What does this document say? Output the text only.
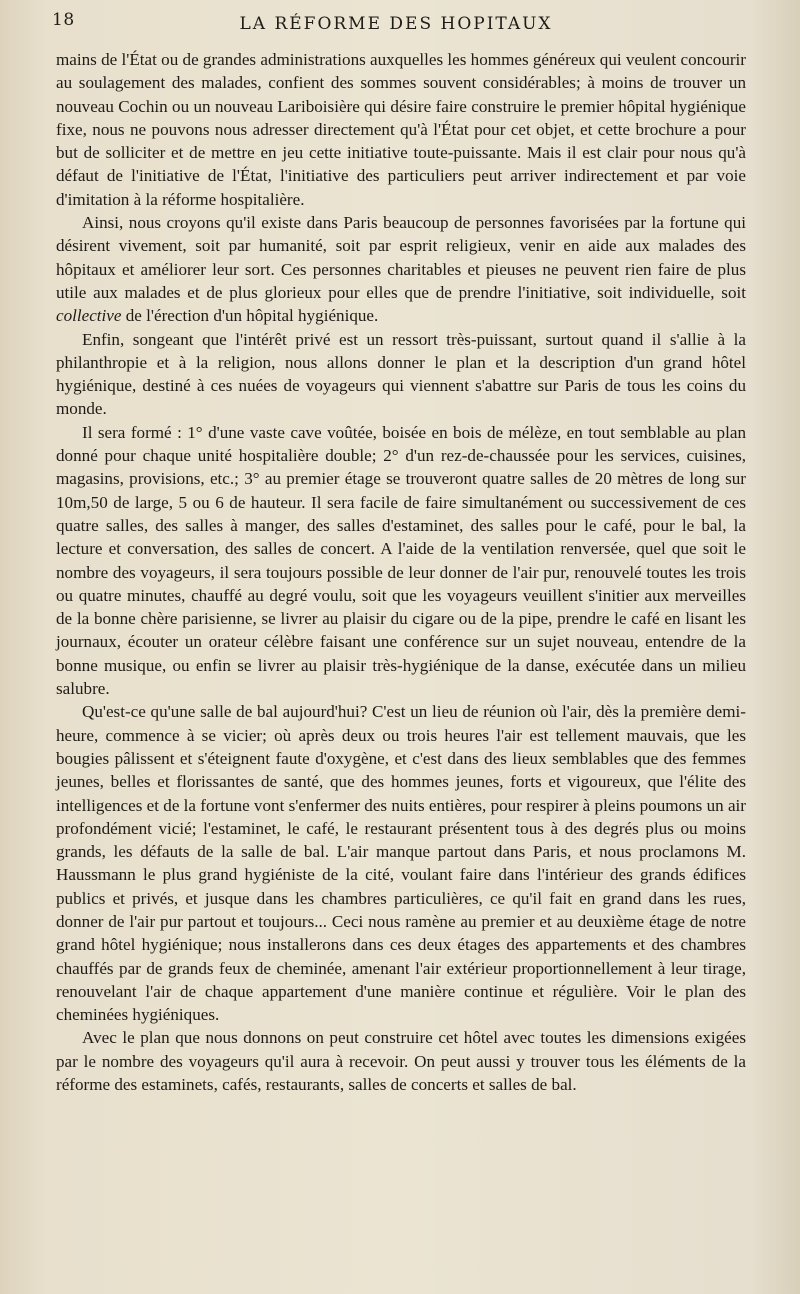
18	LA RÉFORME DES HOPITAUX

mains de l'État ou de grandes administrations auxquelles les hommes généreux qui veulent concourir au soulagement des malades, confient des sommes souvent considérables; à moins de trouver un nouveau Cochin ou un nouveau Lariboisière qui désire faire construire le premier hôpital hygiénique fixe, nous ne pouvons nous adresser directement qu'à l'État pour cet objet, et cette brochure a pour but de solliciter et de mettre en jeu cette initiative toute-puissante. Mais il est clair pour nous qu'à défaut de l'initiative de l'État, l'initiative des particuliers peut arriver indirectement et par voie d'imitation à la réforme hospitalière.

Ainsi, nous croyons qu'il existe dans Paris beaucoup de personnes favorisées par la fortune qui désirent vivement, soit par humanité, soit par esprit religieux, venir en aide aux malades des hôpitaux et améliorer leur sort. Ces personnes charitables et pieuses ne peuvent rien faire de plus utile aux malades et de plus glorieux pour elles que de prendre l'initiative, soit individuelle, soit collective de l'érection d'un hôpital hygiénique.

Enfin, songeant que l'intérêt privé est un ressort très-puissant, surtout quand il s'allie à la philanthropie et à la religion, nous allons donner le plan et la description d'un grand hôtel hygiénique, destiné à ces nuées de voyageurs qui viennent s'abattre sur Paris de tous les coins du monde.

Il sera formé : 1° d'une vaste cave voûtée, boisée en bois de mélèze, en tout semblable au plan donné pour chaque unité hospitalière double; 2° d'un rez-de-chaussée pour les services, cuisines, magasins, provisions, etc.; 3° au premier étage se trouveront quatre salles de 20 mètres de long sur 10m,50 de large, 5 ou 6 de hauteur. Il sera facile de faire simultanément ou successivement de ces quatre salles, des salles à manger, des salles d'estaminet, des salles pour le café, pour le bal, la lecture et conversation, des salles de concert. A l'aide de la ventilation renversée, quel que soit le nombre des voyageurs, il sera toujours possible de leur donner de l'air pur, renouvelé toutes les trois ou quatre minutes, chauffé au degré voulu, soit que les voyageurs veuillent s'initier aux merveilles de la bonne chère parisienne, se livrer au plaisir du cigare ou de la pipe, prendre le café en lisant les journaux, écouter un orateur célèbre faisant une conférence sur un sujet nouveau, entendre de la bonne musique, ou enfin se livrer au plaisir très-hygiénique de la danse, exécutée dans un milieu salubre.

Qu'est-ce qu'une salle de bal aujourd'hui? C'est un lieu de réunion où l'air, dès la première demi-heure, commence à se vicier; où après deux ou trois heures l'air est tellement mauvais, que les bougies pâlissent et s'éteignent faute d'oxygène, et c'est dans des lieux semblables que des femmes jeunes, belles et florissantes de santé, que des hommes jeunes, forts et vigoureux, que l'élite des intelligences et de la fortune vont s'enfermer des nuits entières, pour respirer à pleins poumons un air profondément vicié; l'estaminet, le café, le restaurant présentent tous à des degrés plus ou moins grands, les défauts de la salle de bal. L'air manque partout dans Paris, et nous proclamons M. Haussmann le plus grand hygiéniste de la cité, voulant faire dans l'intérieur des grands édifices publics et privés, et jusque dans les chambres particulières, ce qu'il fait en grand dans les rues, donner de l'air pur partout et toujours... Ceci nous ramène au premier et au deuxième étage de notre grand hôtel hygiénique; nous installerons dans ces deux étages des appartements et des chambres chauffés par de grands feux de cheminée, amenant l'air extérieur proportionnellement à leur tirage, renouvelant l'air de chaque appartement d'une manière continue et régulière. Voir le plan des cheminées hygiéniques.

Avec le plan que nous donnons on peut construire cet hôtel avec toutes les dimensions exigées par le nombre des voyageurs qu'il aura à recevoir. On peut aussi y trouver tous les éléments de la réforme des estaminets, cafés, restaurants, salles de concerts et salles de bal.
